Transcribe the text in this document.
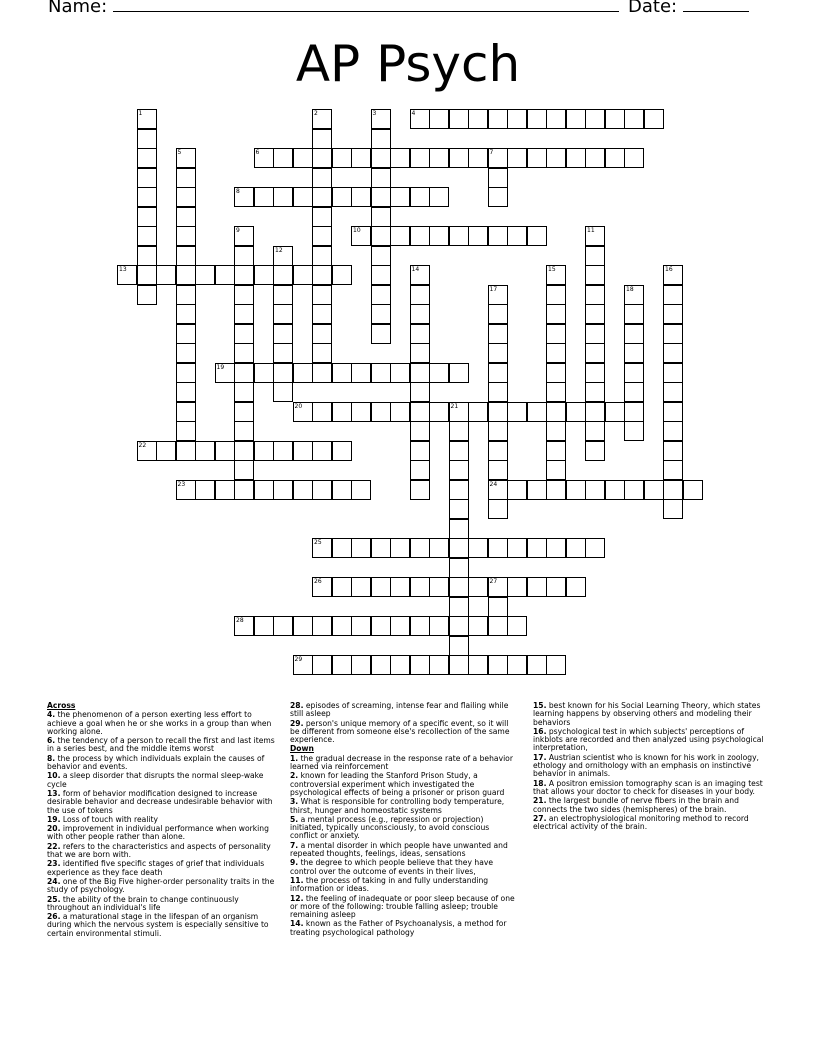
Name:	Date:
AP Psych
4
6	7
8
10
13
19
20	21
22
23	24
25
26	27
28
29
1	2	3
5
9	11
12
14	15	16
17	18
Across
4. the phenomenon of a person exerting less effort to achieve a goal when he or she works in a group than when working alone.
6. the tendency of a person to recall the first and last items in a series best, and the middle items worst
8. the process by which individuals explain the causes of behavior and events.
10. a sleep disorder that disrupts the normal sleep-wake cycle
13. form of behavior modification designed to increase desirable behavior and decrease undesirable behavior with the use of tokens
19. Loss of touch with reality
20. improvement in individual performance when working with other people rather than alone.
22. refers to the characteristics and aspects of personality that we are born with.
23. identified five specific stages of grief that individuals experience as they face death
24. one of the Big Five higher-order personality traits in the study of psychology.
25. the ability of the brain to change continuously throughout an individual's life
26. a maturational stage in the lifespan of an organism during which the nervous system is especially sensitive to certain environmental stimuli.
28. episodes of screaming, intense fear and flailing while still asleep
29. person's unique memory of a specific event, so it will be different from someone else's recollection of the same experience.
Down
1. the gradual decrease in the response rate of a behavior learned via reinforcement
2. known for leading the Stanford Prison Study, a controversial experiment which investigated the psychological effects of being a prisoner or prison guard
3. What is responsible for controlling body temperature, thirst, hunger and homeostatic systems
5. a mental process (e.g., repression or projection) initiated, typically unconsciously, to avoid conscious conflict or anxiety.
7. a mental disorder in which people have unwanted and repeated thoughts, feelings, ideas, sensations
9. the degree to which people believe that they have control over the outcome of events in their lives,
11. the process of taking in and fully understanding information or ideas.
12. the feeling of inadequate or poor sleep because of one or more of the following: trouble falling asleep; trouble remaining asleep
14. known as the Father of Psychoanalysis, a method for treating psychological pathology
15. best known for his Social Learning Theory, which states learning happens by observing others and modeling their behaviors
16. psychological test in which subjects' perceptions of inkblots are recorded and then analyzed using psychological interpretation,
17. Austrian scientist who is known for his work in zoology, ethology and ornithology with an emphasis on instinctive behavior in animals.
18. A positron emission tomography scan is an imaging test that allows your doctor to check for diseases in your body.
21. the largest bundle of nerve fibers in the brain and connects the two sides (hemispheres) of the brain.
27. an electrophysiological monitoring method to record electrical activity of the brain.
